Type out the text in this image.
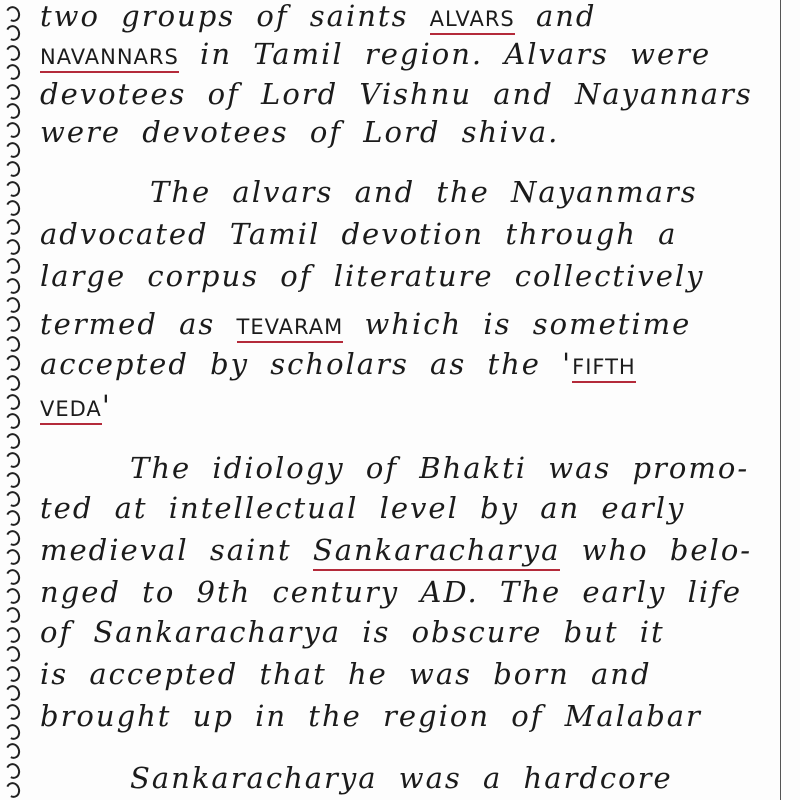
two groups of saints ALVARS and
NAVANNARS in Tamil region. Alvars were
devotees of Lord Vishnu and Nayannars
were devotees of Lord shiva.
The alvars and the Nayanmars
advocated Tamil devotion through a
large corpus of literature collectively
termed as TEVARAM which is sometime
accepted by scholars as the 'FIFTH
VEDA'
The idiology of Bhakti was promo-
ted at intellectual level by an early
medieval saint Sankaracharya who belo-
nged to 9th century AD. The early life
of Sankaracharya is obscure but it
is accepted that he was born and
brought up in the region of Malabar
Sankaracharya was a hardcore
